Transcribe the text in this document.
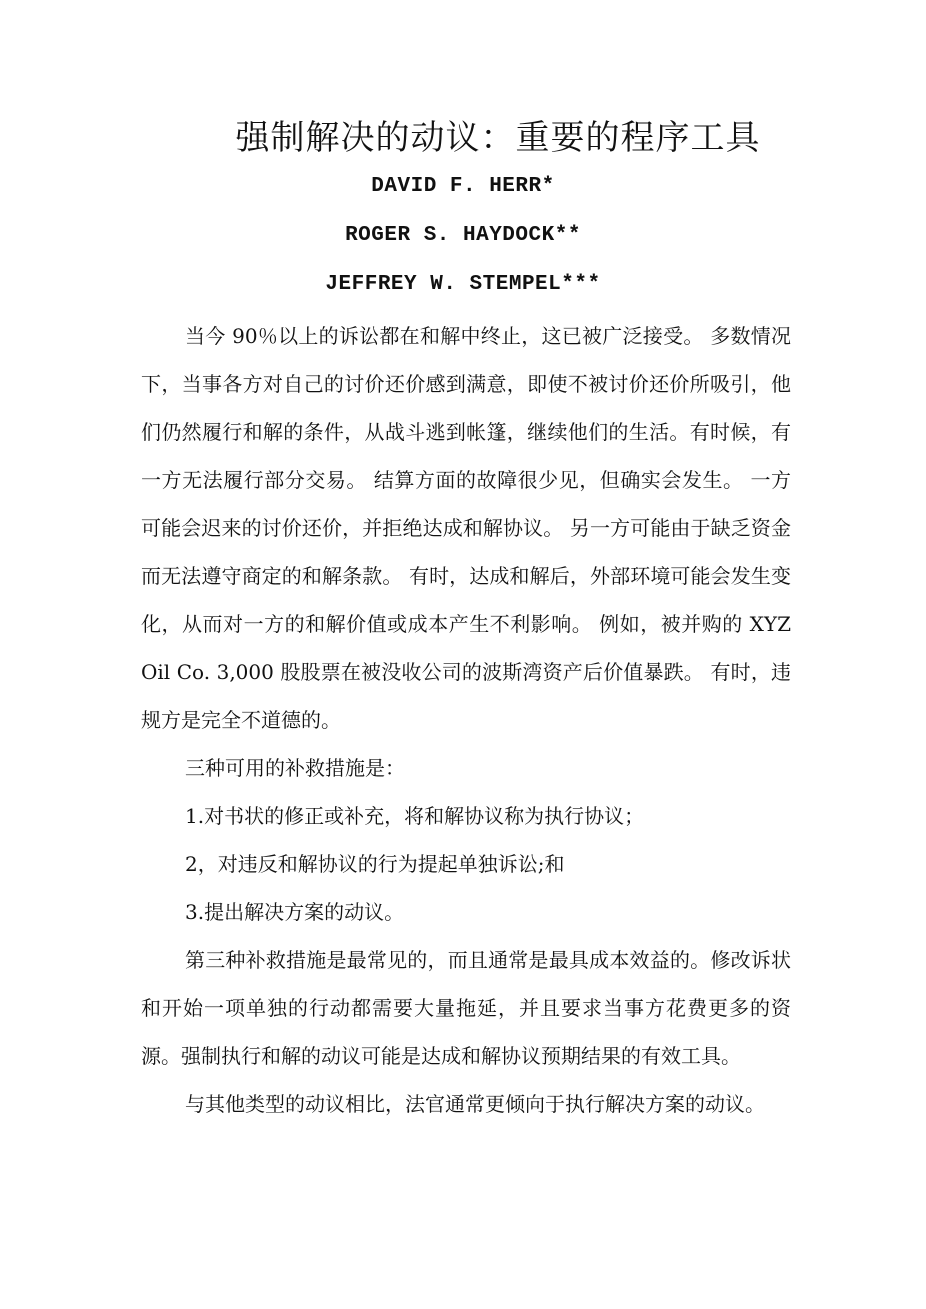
强制解决的动议：重要的程序工具
DAVID F. HERR*
ROGER S. HAYDOCK**
JEFFREY W. STEMPEL***

当今 90％以上的诉讼都在和解中终止，这已被广泛接受。 多数情况下，当事各方对自己的讨价还价感到满意，即使不被讨价还价所吸引，他们仍然履行和解的条件，从战斗逃到帐篷，继续他们的生活。有时候，有一方无法履行部分交易。 结算方面的故障很少见，但确实会发生。 一方可能会迟来的讨价还价，并拒绝达成和解协议。 另一方可能由于缺乏资金而无法遵守商定的和解条款。 有时，达成和解后，外部环境可能会发生变化，从而对一方的和解价值或成本产生不利影响。 例如，被并购的 XYZ Oil Co. 3,000 股股票在被没收公司的波斯湾资产后价值暴跌。 有时，违规方是完全不道德的。

三种可用的补救措施是：

1.对书状的修正或补充，将和解协议称为执行协议；

2，对违反和解协议的行为提起单独诉讼;和

3.提出解决方案的动议。

第三种补救措施是最常见的，而且通常是最具成本效益的。修改诉状和开始一项单独的行动都需要大量拖延，并且要求当事方花费更多的资源。强制执行和解的动议可能是达成和解协议预期结果的有效工具。

与其他类型的动议相比，法官通常更倾向于执行解决方案的动议。
